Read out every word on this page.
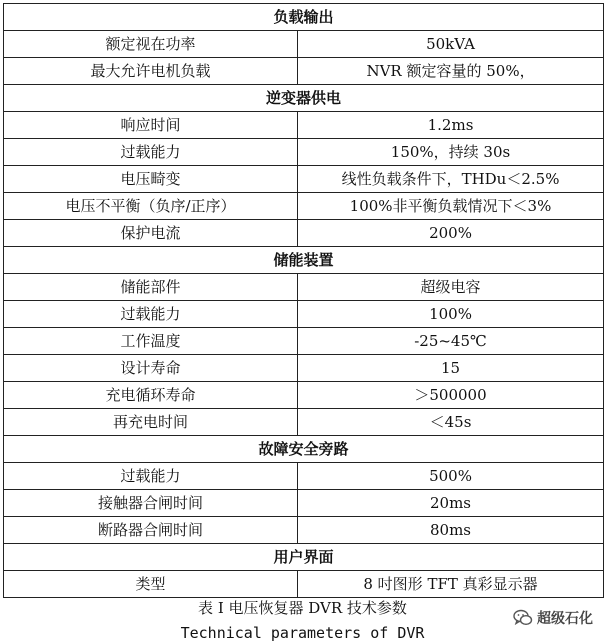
负载输出	
额定视在功率	50kVA
最大允许电机负载	NVR 额定容量的 50%，
逆变器供电	
响应时间	1.2ms
过载能力	150%，持续 30s
电压畸变	线性负载条件下，THDu＜2.5%
电压不平衡（负序/正序）	100%非平衡负载情况下＜3%
保护电流	200%
储能装置	
储能部件	超级电容
过载能力	100%
工作温度	-25~45℃
设计寿命	15
充电循环寿命	＞500000
再充电时间	＜45s
故障安全旁路	
过载能力	500%
接触器合闸时间	20ms
断路器合闸时间	80ms
用户界面	
类型	8 吋图形 TFT 真彩显示器
表 I 电压恢复器 DVR 技术参数
Technical parameters of DVR
超级石化
